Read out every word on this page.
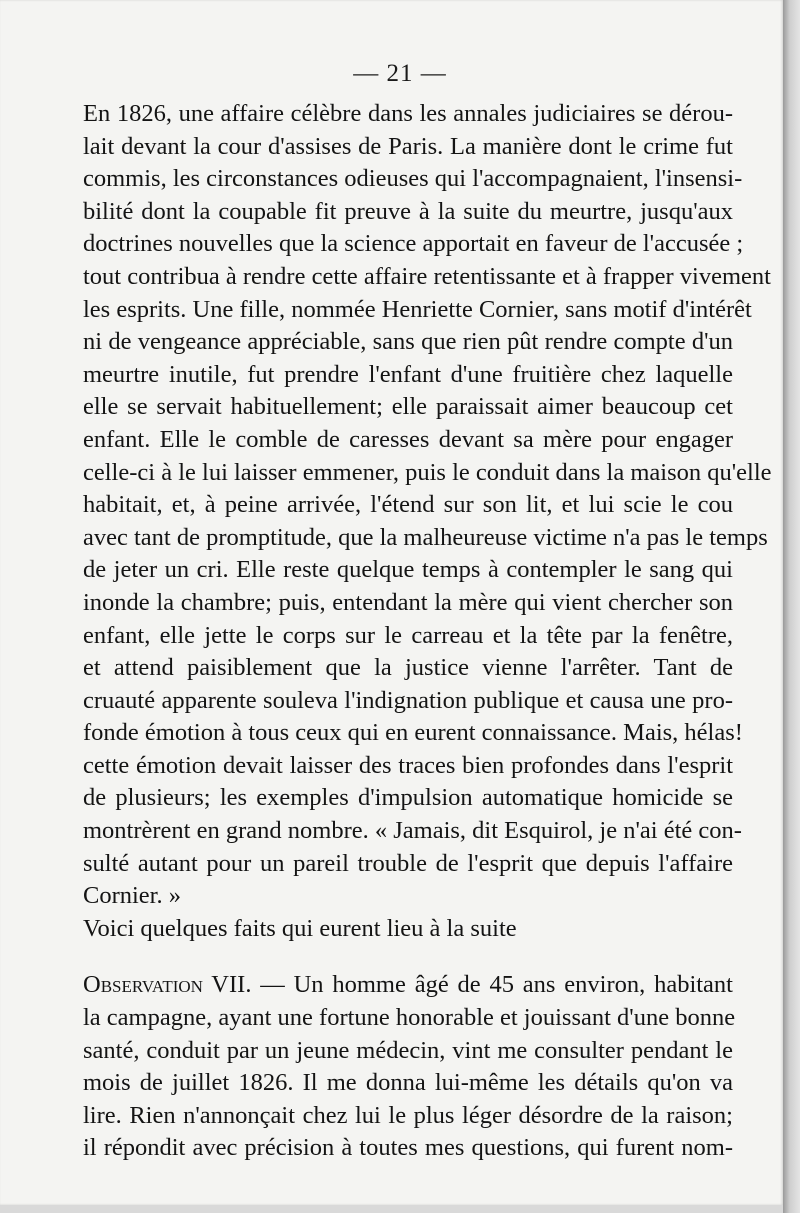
— 21 —
En 1826, une affaire célèbre dans les annales judiciaires se dérou-
lait devant la cour d'assises de Paris. La manière dont le crime fut
commis, les circonstances odieuses qui l'accompagnaient, l'insensi-
bilité dont la coupable fit preuve à la suite du meurtre, jusqu'aux
doctrines nouvelles que la science apportait en faveur de l'accusée ;
tout contribua à rendre cette affaire retentissante et à frapper vivement
les esprits. Une fille, nommée Henriette Cornier, sans motif d'intérêt
ni de vengeance appréciable, sans que rien pût rendre compte d'un
meurtre inutile, fut prendre l'enfant d'une fruitière chez laquelle
elle se servait habituellement; elle paraissait aimer beaucoup cet
enfant. Elle le comble de caresses devant sa mère pour engager
celle-ci à le lui laisser emmener, puis le conduit dans la maison qu'elle
habitait, et, à peine arrivée, l'étend sur son lit, et lui scie le cou
avec tant de promptitude, que la malheureuse victime n'a pas le temps
de jeter un cri. Elle reste quelque temps à contempler le sang qui
inonde la chambre; puis, entendant la mère qui vient chercher son
enfant, elle jette le corps sur le carreau et la tête par la fenêtre,
et attend paisiblement que la justice vienne l'arrêter. Tant de
cruauté apparente souleva l'indignation publique et causa une pro-
fonde émotion à tous ceux qui en eurent connaissance. Mais, hélas!
cette émotion devait laisser des traces bien profondes dans l'esprit
de plusieurs; les exemples d'impulsion automatique homicide se
montrèrent en grand nombre. « Jamais, dit Esquirol, je n'ai été con-
sulté autant pour un pareil trouble de l'esprit que depuis l'affaire
Cornier. »
Voici quelques faits qui eurent lieu à la suite
Observation VII. — Un homme âgé de 45 ans environ, habitant
la campagne, ayant une fortune honorable et jouissant d'une bonne
santé, conduit par un jeune médecin, vint me consulter pendant le
mois de juillet 1826. Il me donna lui-même les détails qu'on va
lire. Rien n'annonçait chez lui le plus léger désordre de la raison;
il répondit avec précision à toutes mes questions, qui furent nom-
